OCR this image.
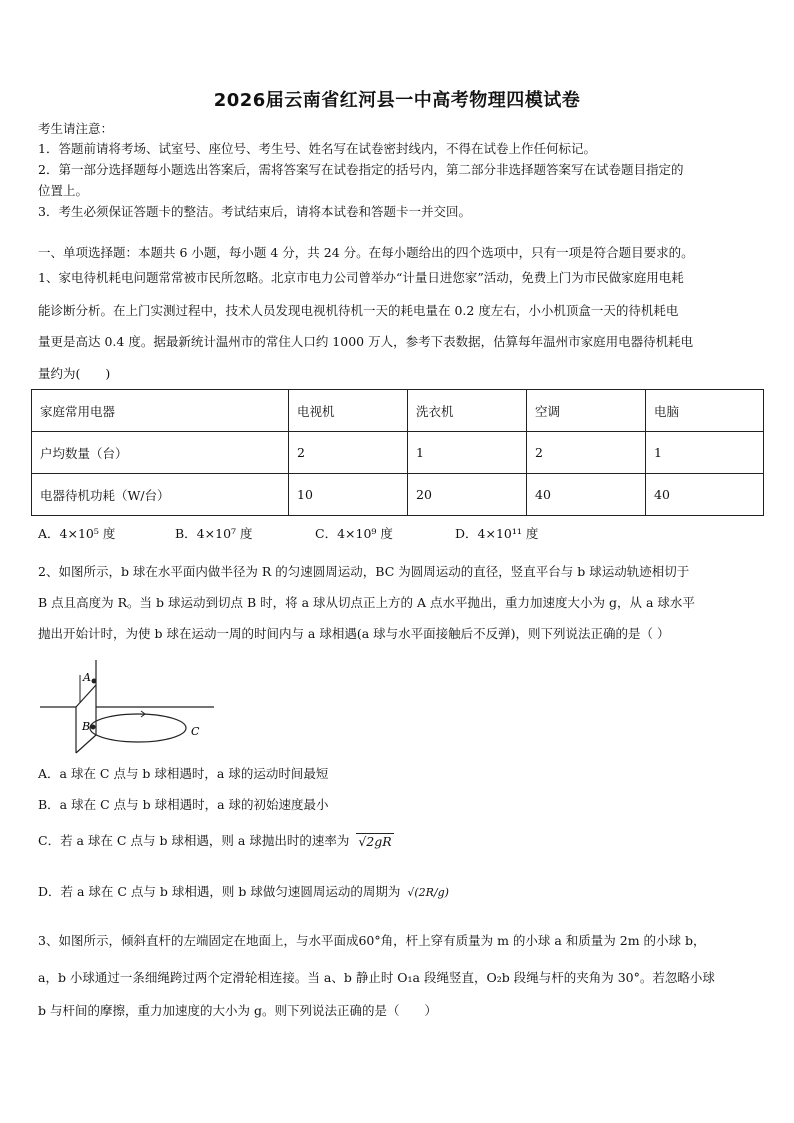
2026届云南省红河县一中高考物理四模试卷
考生请注意：
1．答题前请将考场、试室号、座位号、考生号、姓名写在试卷密封线内，不得在试卷上作任何标记。
2．第一部分选择题每小题选出答案后，需将答案写在试卷指定的括号内，第二部分非选择题答案写在试卷题目指定的
位置上。
3．考生必须保证答题卡的整洁。考试结束后，请将本试卷和答题卡一并交回。
一、单项选择题：本题共 6 小题，每小题 4 分，共 24 分。在每小题给出的四个选项中，只有一项是符合题目要求的。
1、家电待机耗电问题常常被市民所忽略。北京市电力公司曾举办“计量日进您家”活动，免费上门为市民做家庭用电耗
能诊断分析。在上门实测过程中，技术人员发现电视机待机一天的耗电量在 0.2 度左右，小小机顶盒一天的待机耗电
量更是高达 0.4 度。据最新统计温州市的常住人口约 1000 万人，参考下表数据，估算每年温州市家庭用电器待机耗电
量约为(　　)
家庭常用电器	电视机	洗衣机	空调	电脑
户均数量（台）	2	1	2	1
电器待机功耗（W/台）	10	20	40	40
A．4×10⁵ 度	B．4×10⁷ 度	C．4×10⁹ 度	D．4×10¹¹ 度
2、如图所示，b 球在水平面内做半径为 R 的匀速圆周运动，BC 为圆周运动的直径，竖直平台与 b 球运动轨迹相切于
B 点且高度为 R。当 b 球运动到切点 B 时，将 a 球从切点正上方的 A 点水平抛出，重力加速度大小为 g，从 a 球水平
抛出开始计时，为使 b 球在运动一周的时间内与 a 球相遇(a 球与水平面接触后不反弹)，则下列说法正确的是（ ）
A
B	C
A．a 球在 C 点与 b 球相遇时，a 球的运动时间最短
B．a 球在 C 点与 b 球相遇时，a 球的初始速度最小
C．若 a 球在 C 点与 b 球相遇，则 a 球抛出时的速率为 √2gR
D．若 a 球在 C 点与 b 球相遇，则 b 球做匀速圆周运动的周期为 √(2R/g)
3、如图所示，倾斜直杆的左端固定在地面上，与水平面成60°角，杆上穿有质量为 m 的小球 a 和质量为 2m 的小球 b，
a，b 小球通过一条细绳跨过两个定滑轮相连接。当 a、b 静止时 O₁a 段绳竖直，O₂b 段绳与杆的夹角为 30°。若忽略小球
b 与杆间的摩擦，重力加速度的大小为 g。则下列说法正确的是（　　）
